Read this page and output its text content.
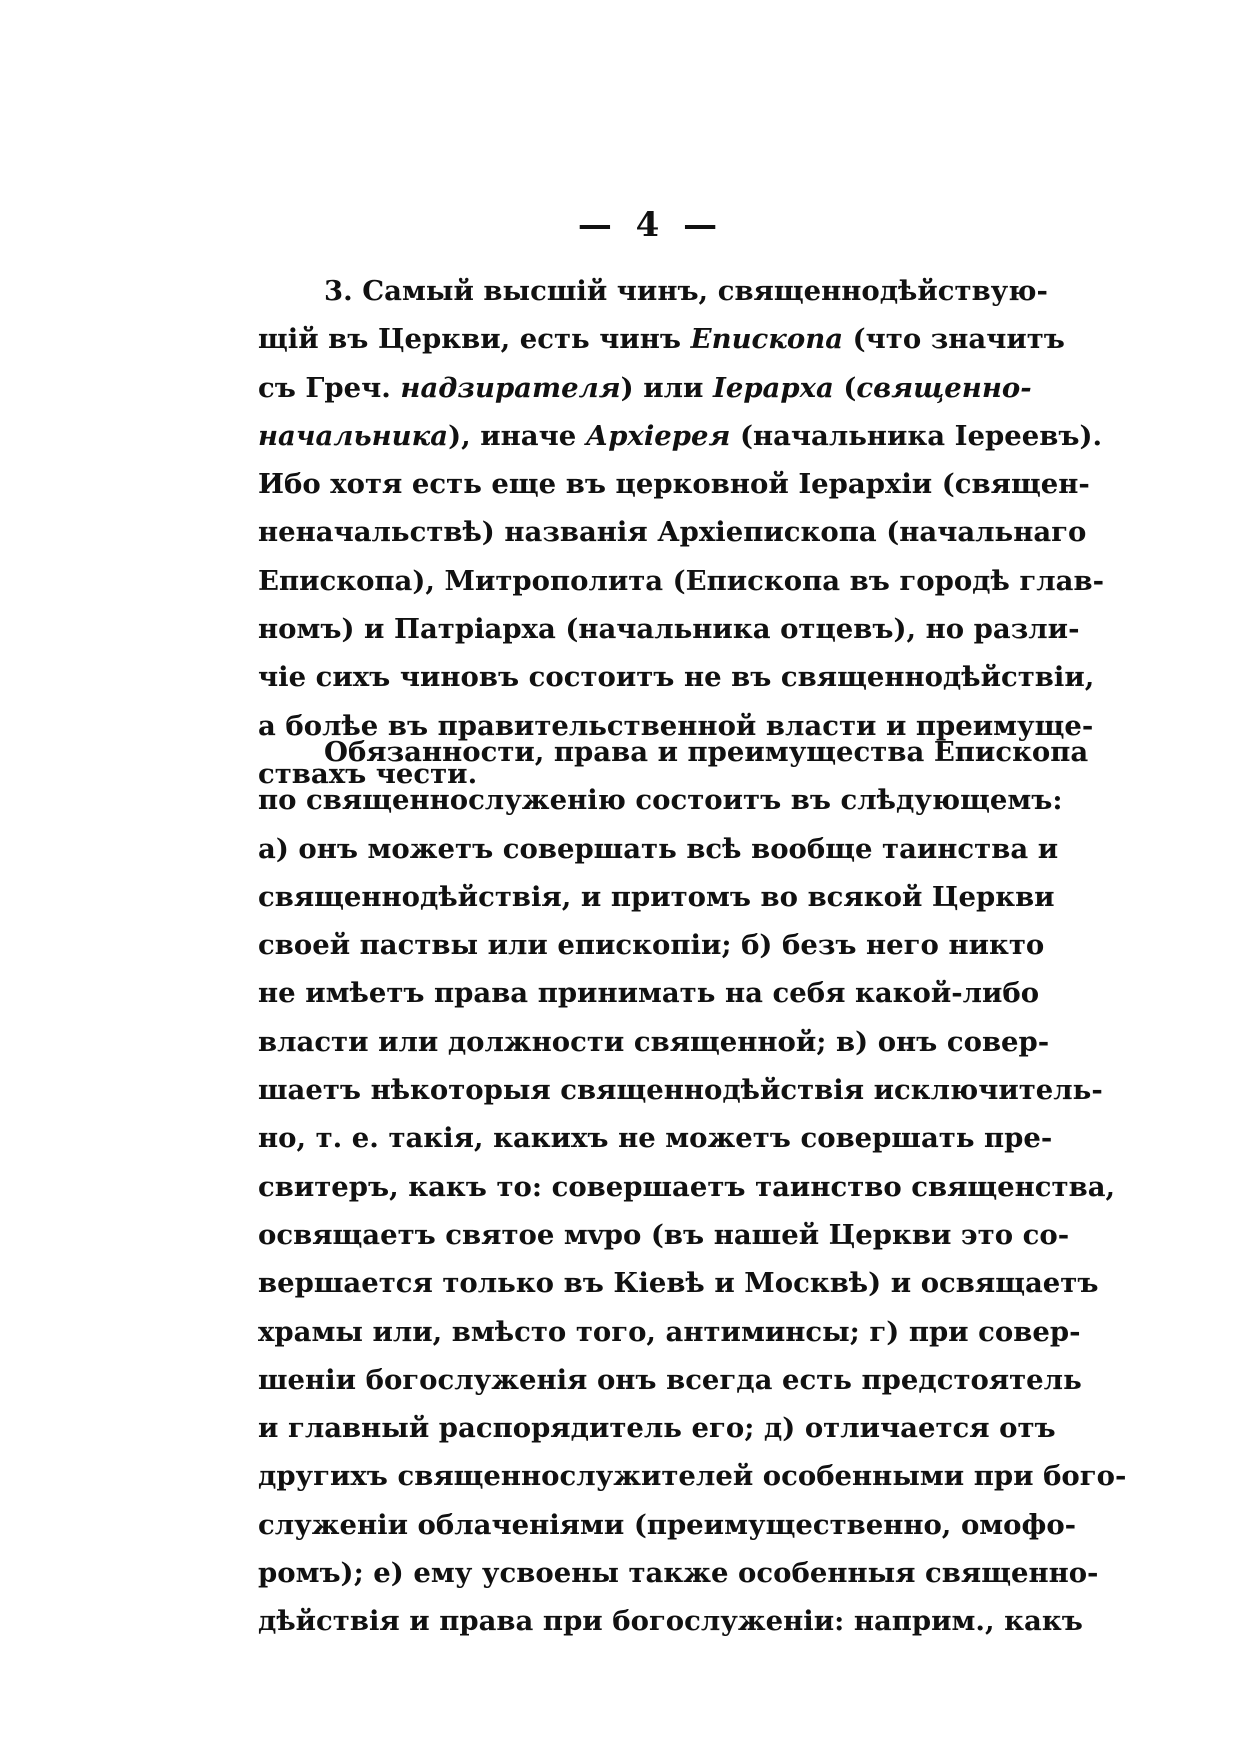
— 4 —
3. Самый высшій чинъ, священнодѣйствую-
щій въ Церкви, есть чинъ Епископа (что значитъ
съ Греч. надзирателя) или Іерарха (священно-
начальника), иначе Архіерея (начальника Іереевъ).
Ибо хотя есть еще въ церковной Іерархіи (священ-
неначальствѣ) названія Архіепископа (начальнаго
Епископа), Митрополита (Епископа въ городѣ глав-
номъ) и Патріарха (начальника отцевъ), но разли-
чіе сихъ чиновъ состоитъ не въ священнодѣйствіи,
а болѣе въ правительственной власти и преимуще-
ствахъ чести.
Обязанности, права и преимущества Епископа
по священнослуженію состоитъ въ слѣдующемъ:
а) онъ можетъ совершать всѣ вообще таинства и
священнодѣйствія, и притомъ во всякой Церкви
своей паствы или епископіи; б) безъ него никто
не имѣетъ права принимать на себя какой-либо
власти или должности священной; в) онъ совер-
шаетъ нѣкоторыя священнодѣйствія исключитель-
но, т. е. такія, какихъ не можетъ совершать пре-
свитеръ, какъ то: совершаетъ таинство священства,
освящаетъ святое мvро (въ нашей Церкви это со-
вершается только въ Кіевѣ и Москвѣ) и освящаетъ
храмы или, вмѣсто того, антиминсы; г) при совер-
шеніи богослуженія онъ всегда есть предстоятель
и главный распорядитель его; д) отличается отъ
другихъ священнослужителей особенными при бого-
служеніи облаченіями (преимущественно, омофо-
ромъ); е) ему усвоены также особенныя священно-
дѣйствія и права при богослуженіи: наприм., какъ
